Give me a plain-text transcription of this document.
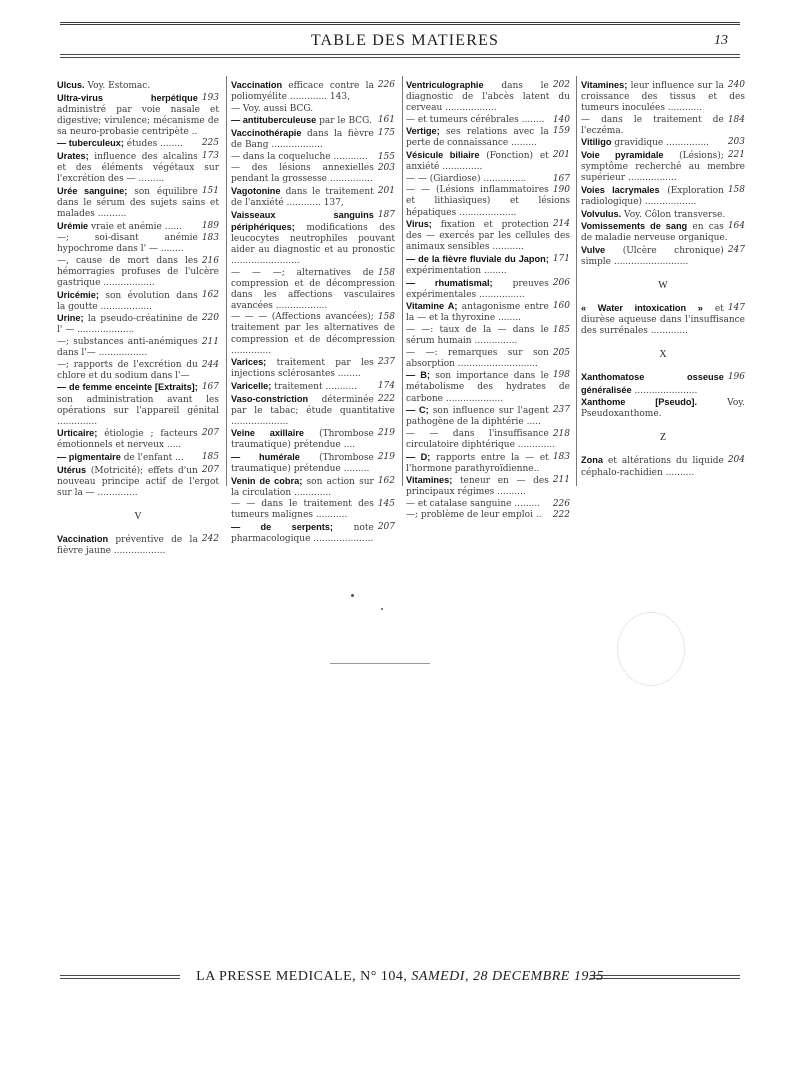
TABLE DES MATIERES	13
Ulcus. Voy. Estomac.
193
Ultra-virus herpétique administré par voie nasale et digestive; virulence; mécanisme de sa neuro-probasie centripète ..
225
— tuberculeux; études ........
173
Urates; influence des alcalins et des éléments végétaux sur l'excrétion des — .........
151
Urée sanguine; son équilibre dans le sérum des sujets sains et malades ..........
189
Urémie vraie et anémie ......
183
—; soi-disant anémie hypochrome dans l' — ........
216
—, cause de mort dans les hémorragies profuses de l'ulcère gastrique ..................
162
Uricémie; son évolution dans la goutte ..................
220
Urine; la pseudo-créatinine de l' — ....................
211
—; substances anti-anémiques dans l'— .................
244
—; rapports de l'excrétion du chlore et du sodium dans l'—
167
— de femme enceinte [Extraits]; son administration avant les opérations sur l'appareil génital ..............
207
Urticaire; étiologie ; facteurs émotionnels et nerveux .....
185
— pigmentaire de l'enfant ...
207
Utérus (Motricité); effets d'un nouveau principe actif de l'ergot sur la — ..............
V
242
Vaccination préventive de la fièvre jaune ..................
226
Vaccination efficace contre la poliomyélite ............. 143,
— Voy. aussi BCG.
161
— antituberculeuse par le BCG.
175
Vaccinothérapie dans la fièvre de Bang ..................
155
— dans la coqueluche ............
203
— des lésions annexielles pendant la grossesse ...............
201
Vagotonine dans le traitement de l'anxiété ............ 137,
187
Vaisseaux sanguins périphériques; modifications des leucocytes neutrophiles pouvant aider au diagnostic et au pronostic ........................
158
— — —; alternatives de compression et de décompression dans les affections vasculaires avancées ..................
158
— — — (Affections avancées); traitement par les alternatives de compression et de décompression ..............
237
Varices; traitement par les injections sclérosantes ........
174
Varicelle; traitement ...........
222
Vaso-constriction déterminée par le tabac; étude quantitative ....................
219
Veine axillaire (Thrombose traumatique) prétendue ....
219
— humérale (Thrombose traumatique) prétendue .........
162
Venin de cobra; son action sur la circulation .............
145
— — dans le traitement des tumeurs malignes ...........
207
— de serpents; note pharmacologique .....................
202
Ventriculographie dans le diagnostic de l'abcès latent du cerveau ..................
140
— et tumeurs cérébrales ........
159
Vertige; ses relations avec la perte de connaissance .........
201
Vésicule biliaire (Fonction) et anxiété ..............
167
— — (Giardiose) ...............
190
— — (Lésions inflammatoires et lithiasiques) et lésions hépatiques ....................
214
Virus; fixation et protection des — exercés par les cellules des animaux sensibles ...........
171
— de la fièvre fluviale du Japon; expérimentation ........
206
— rhumatismal; preuves expérimentales ................
160
Vitamine A; antagonisme entre la — et la thyroxine ........
185
— —: taux de la — dans le sérum humain ...............
205
— —: remarques sur son absorption ............................
198
— B; son importance dans le métabolisme des hydrates de carbone ....................
237
— C; son influence sur l'agent pathogène de la diphtérie .....
218
— — dans l'insuffisance circulatoire diphtérique .............
183
— D; rapports entre la — et l'hormone parathyroïdienne..
211
Vitamines; teneur en — des principaux régimes ..........
226
— et catalase sanguine .........
222
—; problème de leur emploi ..
240
Vitamines; leur influence sur la croissance des tissus et des tumeurs inoculées ............
184
— dans le traitement de l'eczéma.
203
Vitiligo gravidique ...............
221
Voie pyramidale (Lésions); symptôme recherché au membre supérieur .................
158
Voies lacrymales (Exploration radiologique) ..................
Volvulus. Voy. Côlon transverse.
164
Vomissements de sang en cas de maladie nerveuse organique.
247
Vulve (Ulcère chronique) simple ..........................
W
147
« Water intoxication » et diurèse aqueuse dans l'insuffisance des surrénales .............
X
196
Xanthomatose osseuse généralisée ......................
Xanthome [Pseudo].	Voy. Pseudoxanthome.
Z
204
Zona et altérations du liquide céphalo-rachidien ..........
LA PRESSE MEDICALE, N° 104, SAMEDI, 28 DECEMBRE 1935
